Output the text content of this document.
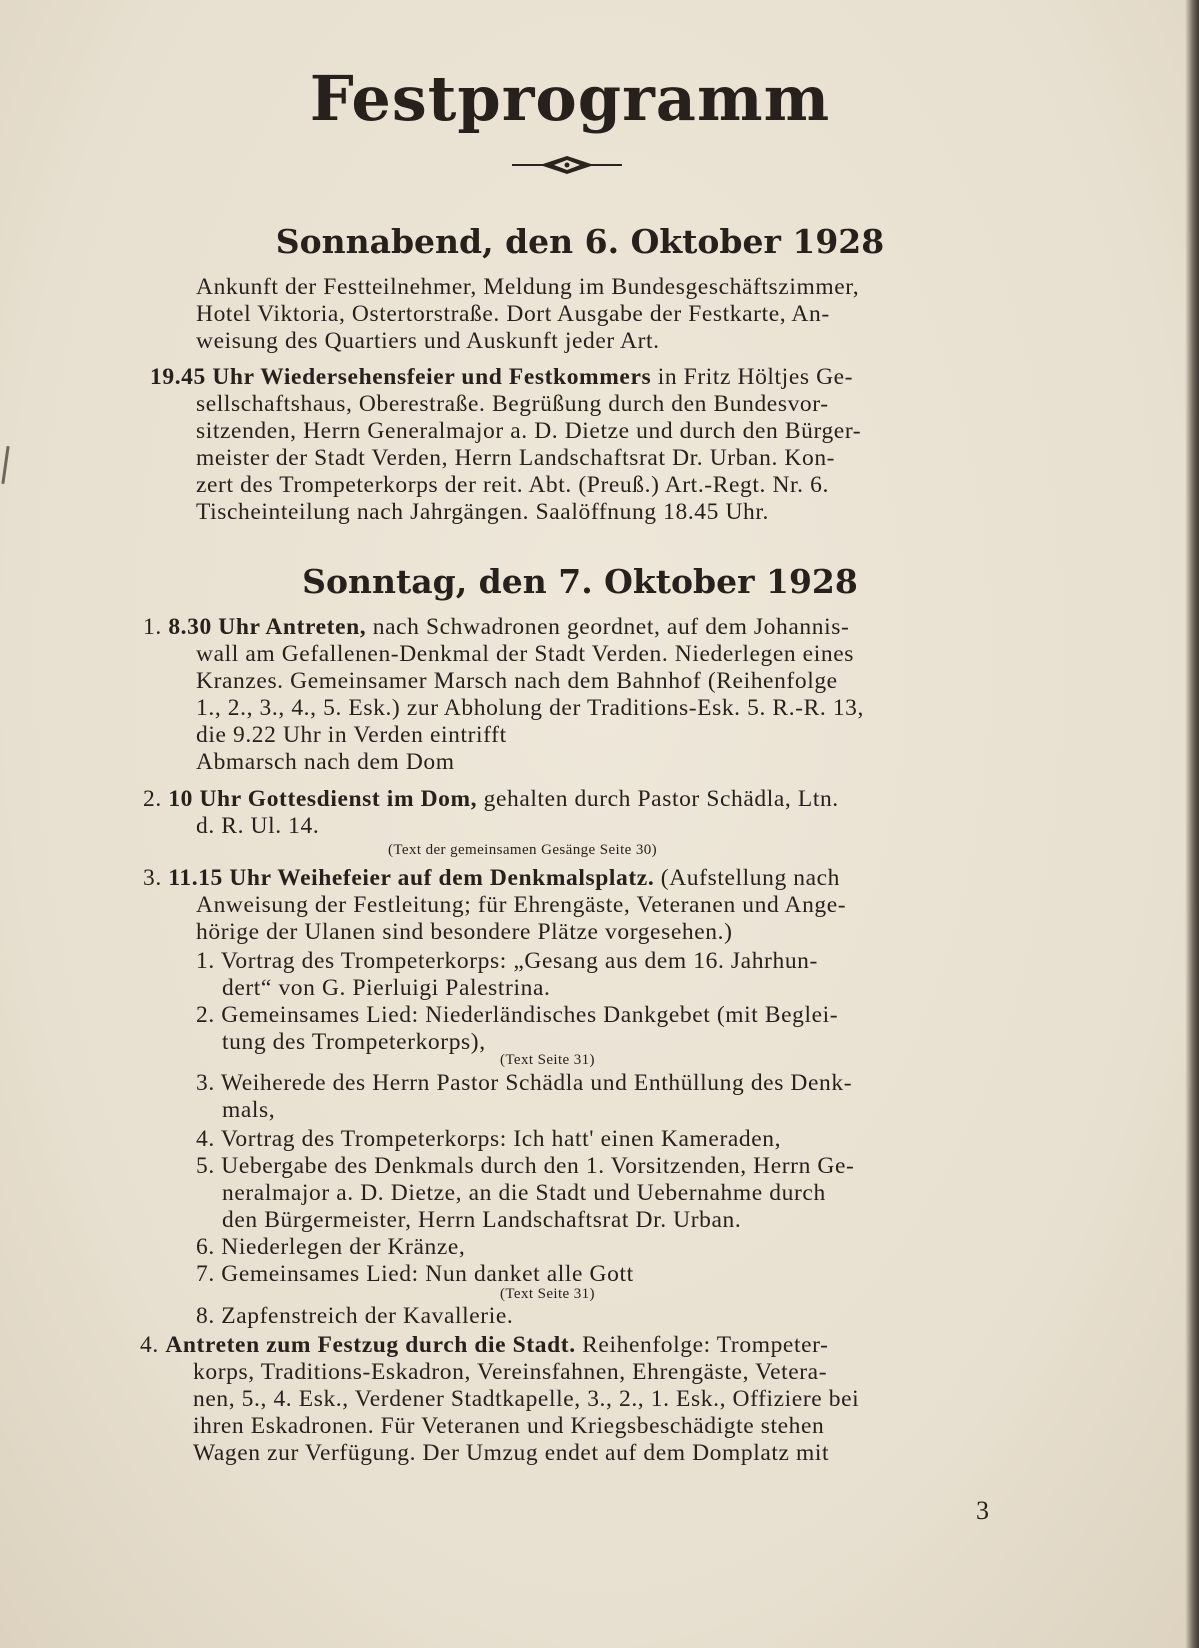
Festprogramm
Sonnabend, den 6. Oktober 1928

Ankunft der Festteilnehmer, Meldung im Bundesgeschäftszimmer,

Hotel Viktoria, Ostertorstraße. Dort Ausgabe der Festkarte, An-

weisung des Quartiers und Auskunft jeder Art.

19.45 Uhr Wiedersehensfeier und Festkommers in Fritz Höltjes Ge-

sellschaftshaus, Oberestraße. Begrüßung durch den Bundesvor-

sitzenden, Herrn Generalmajor a. D. Dietze und durch den Bürger-

meister der Stadt Verden, Herrn Landschaftsrat Dr. Urban. Kon-

zert des Trompeterkorps der reit. Abt. (Preuß.) Art.-Regt. Nr. 6.

Tischeinteilung nach Jahrgängen. Saalöffnung 18.45 Uhr.

Sonntag, den 7. Oktober 1928

1. 8.30 Uhr Antreten, nach Schwadronen geordnet, auf dem Johannis-

wall am Gefallenen-Denkmal der Stadt Verden. Niederlegen eines

Kranzes. Gemeinsamer Marsch nach dem Bahnhof (Reihenfolge

1., 2., 3., 4., 5. Esk.) zur Abholung der Traditions-Esk. 5. R.-R. 13,

die 9.22 Uhr in Verden eintrifft

Abmarsch nach dem Dom

2. 10 Uhr Gottesdienst im Dom, gehalten durch Pastor Schädla, Ltn.

d. R. Ul. 14.

(Text der gemeinsamen Gesänge Seite 30)

3. 11.15 Uhr Weihefeier auf dem Denkmalsplatz. (Aufstellung nach

Anweisung der Festleitung; für Ehrengäste, Veteranen und Ange-

hörige der Ulanen sind besondere Plätze vorgesehen.)

1. Vortrag des Trompeterkorps: „Gesang aus dem 16. Jahrhun-

dert“ von G. Pierluigi Palestrina.

2. Gemeinsames Lied: Niederländisches Dankgebet (mit Beglei-

tung des Trompeterkorps),

(Text Seite 31)

3. Weiherede des Herrn Pastor Schädla und Enthüllung des Denk-

mals,

4. Vortrag des Trompeterkorps: Ich hatt' einen Kameraden,

5. Uebergabe des Denkmals durch den 1. Vorsitzenden, Herrn Ge-

neralmajor a. D. Dietze, an die Stadt und Uebernahme durch

den Bürgermeister, Herrn Landschaftsrat Dr. Urban.

6. Niederlegen der Kränze,

7. Gemeinsames Lied: Nun danket alle Gott

(Text Seite 31)

8. Zapfenstreich der Kavallerie.

4. Antreten zum Festzug durch die Stadt. Reihenfolge: Trompeter-

korps, Traditions-Eskadron, Vereinsfahnen, Ehrengäste, Vetera-

nen, 5., 4. Esk., Verdener Stadtkapelle, 3., 2., 1. Esk., Offiziere bei

ihren Eskadronen. Für Veteranen und Kriegsbeschädigte stehen

Wagen zur Verfügung. Der Umzug endet auf dem Domplatz mit

3
